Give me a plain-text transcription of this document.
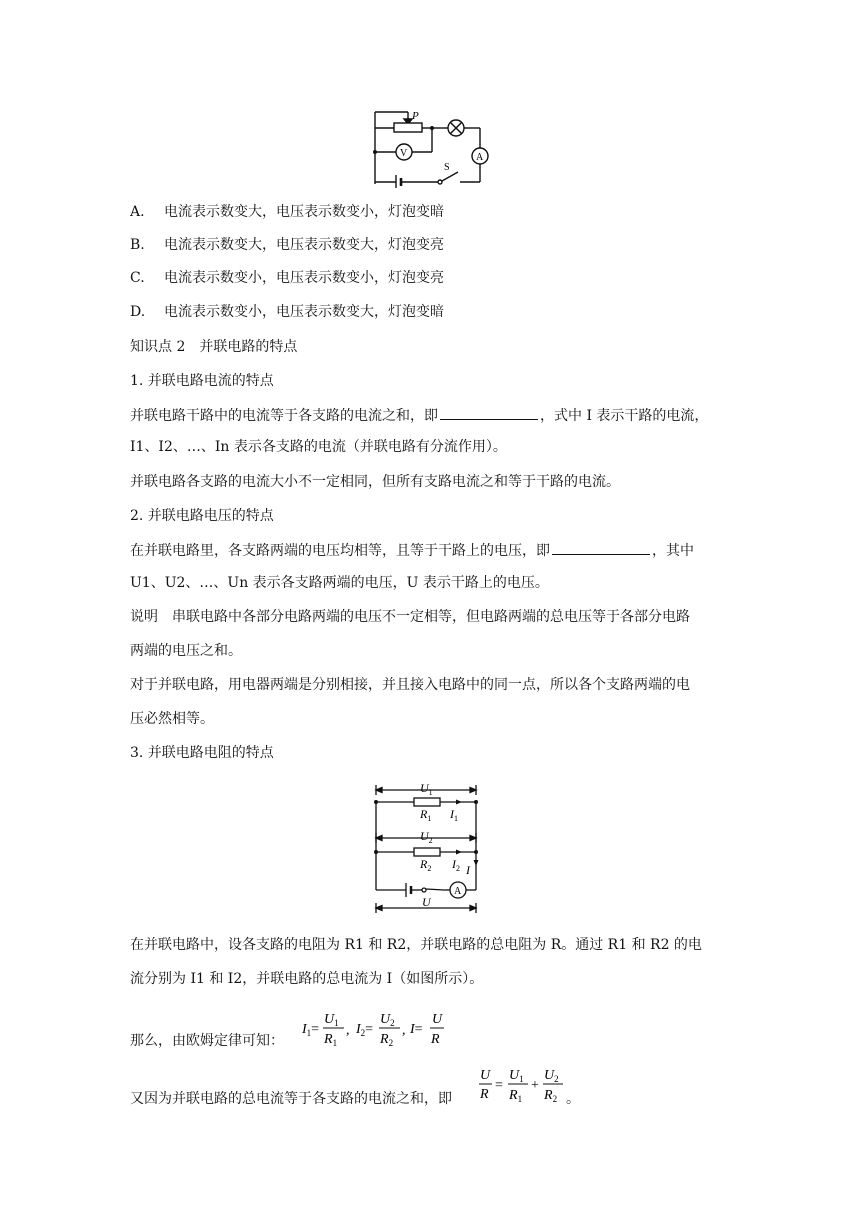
P
V	A
S
A. 电流表示数变大，电压表示数变小，灯泡变暗
B. 电流表示数变大，电压表示数变大，灯泡变亮
C. 电流表示数变小，电压表示数变小，灯泡变亮
D. 电流表示数变小，电压表示数变大，灯泡变暗
知识点 2　并联电路的特点
1. 并联电路电流的特点
并联电路干路中的电流等于各支路的电流之和，即	，式中 I 表示干路的电流，
I1、I2、…、In 表示各支路的电流（并联电路有分流作用）。
并联电路各支路的电流大小不一定相同，但所有支路电流之和等于干路的电流。
2. 并联电路电压的特点
在并联电路里，各支路两端的电压均相等，且等于干路上的电压，即	，其中
U1、U2、…、Un 表示各支路两端的电压，U 表示干路上的电压。
说明　串联电路中各部分电路两端的电压不一定相等，但电路两端的总电压等于各部分电路
两端的电压之和。
对于并联电路，用电器两端是分别相接，并且接入电路中的同一点，所以各个支路两端的电
压必然相等。
3. 并联电路电阻的特点
$U_1$
$R_1$ $I_1$
$U_2$
$R_2$ $I_2$ I
A
U
在并联电路中，设各支路的电阻为 R1 和 R2，并联电路的总电阻为 R。通过 R1 和 R2 的电
流分别为 I1 和 I2，并联电路的总电流为 I（如图所示）。
那么，由欧姆定律可知：
$I_1=$
$U_1$
$R_1$
, $I_2=$
$U_2$
$R_2$
, I=
U
R
又因为并联电路的总电流等于各支路的电流之和，即
U
R
=
$U_1$
$R_1$
+
$U_2$
$R_2$ 。
